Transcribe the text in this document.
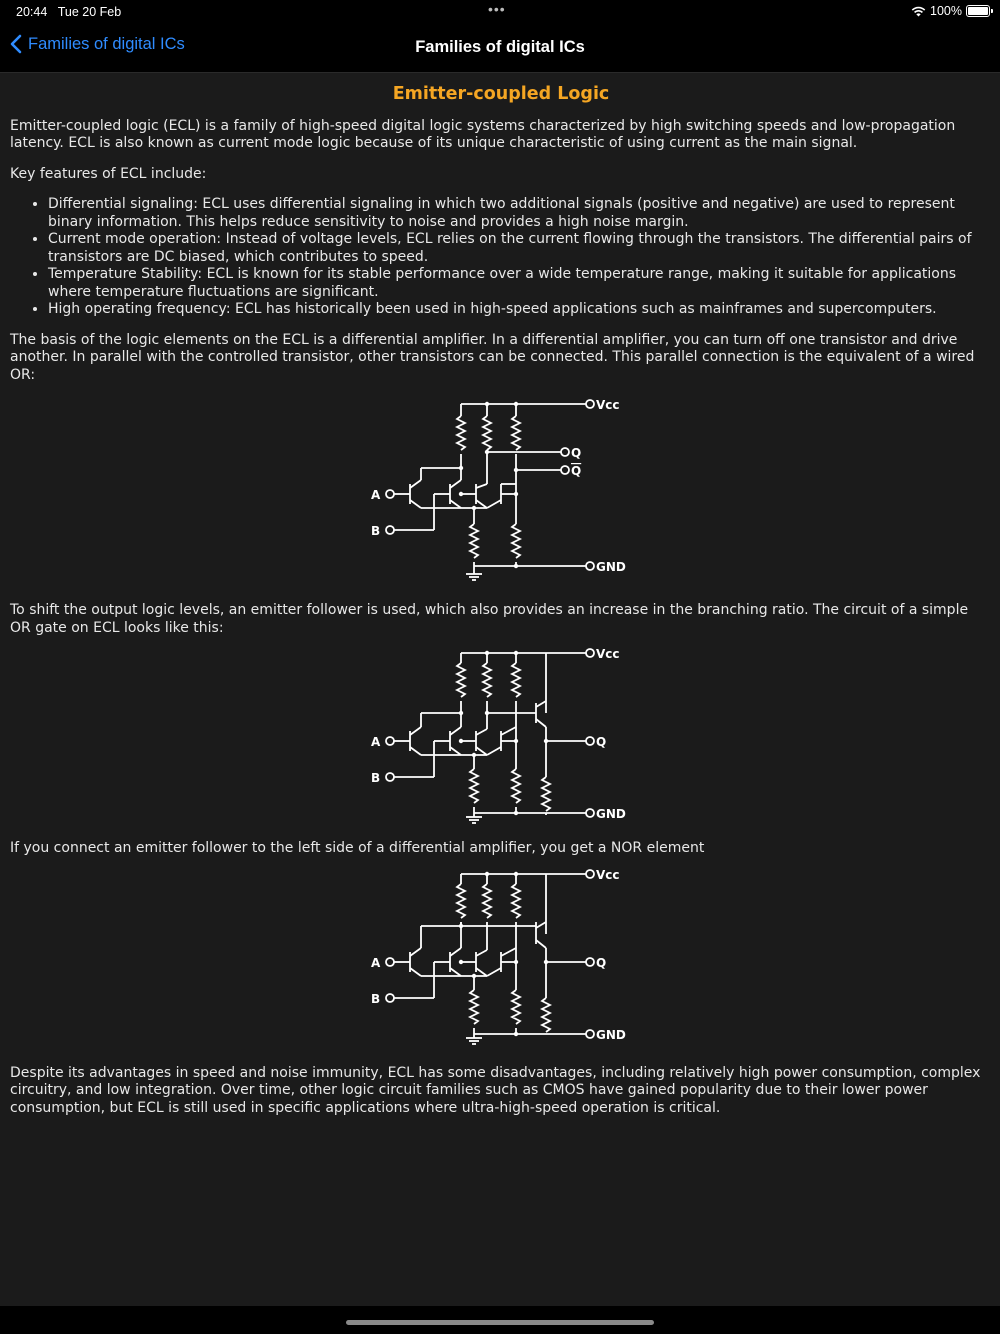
20:44 Tue 20 Feb	•••	100%
Families of digital ICs	Families of digital ICs
Emitter-coupled Logic

Emitter-coupled logic (ECL) is a family of high-speed digital logic systems characterized by high switching speeds and low-propagation latency. ECL is also known as current mode logic because of its unique characteristic of using current as the main signal.

Key features of ECL include:

• Differential signaling: ECL uses differential signaling in which two additional signals (positive and negative) are used to represent binary information. This helps reduce sensitivity to noise and provides a high noise margin.
• Current mode operation: Instead of voltage levels, ECL relies on the current flowing through the transistors. The differential pairs of transistors are DC biased, which contributes to speed.
• Temperature Stability: ECL is known for its stable performance over a wide temperature range, making it suitable for applications where temperature fluctuations are significant.
• High operating frequency: ECL has historically been used in high-speed applications such as mainframes and supercomputers.

The basis of the logic elements on the ECL is a differential amplifier. In a differential amplifier, you can turn off one transistor and drive another. In parallel with the controlled transistor, other transistors can be connected. This parallel connection is the equivalent of a wired OR:

Vcc
Q
Q
A
B
GND

To shift the output logic levels, an emitter follower is used, which also provides an increase in the branching ratio. The circuit of a simple OR gate on ECL looks like this:

Vcc
Q
A
B
GND

If you connect an emitter follower to the left side of a differential amplifier, you get a NOR element

Vcc
Q
A
B
GND

Despite its advantages in speed and noise immunity, ECL has some disadvantages, including relatively high power consumption, complex circuitry, and low integration. Over time, other logic circuit families such as CMOS have gained popularity due to their lower power consumption, but ECL is still used in specific applications where ultra-high-speed operation is critical.
